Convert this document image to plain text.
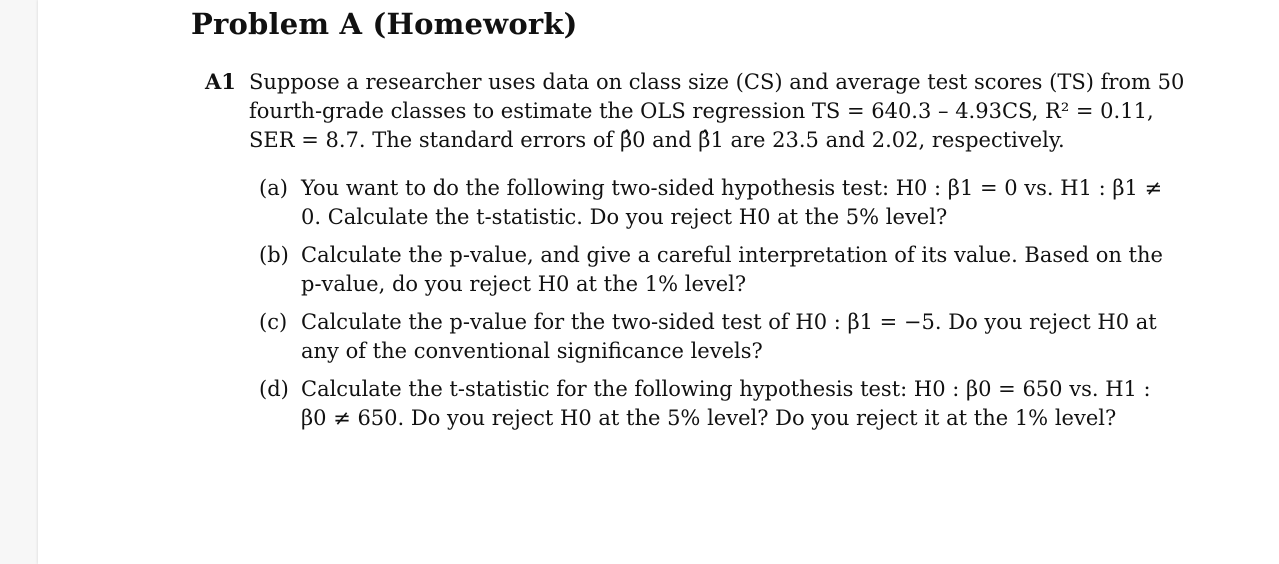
Problem A (Homework)
A1 Suppose a researcher uses data on class size (CS) and average test scores (TS) from 50
fourth-grade classes to estimate the OLS regression TS = 640.3 – 4.93CS, R² = 0.11,
SER = 8.7. The standard errors of β̂0 and β̂1 are 23.5 and 2.02, respectively.
(a) You want to do the following two-sided hypothesis test: H0 : β1 = 0 vs. H1 : β1 ≠
0. Calculate the t-statistic. Do you reject H0 at the 5% level?
(b) Calculate the p-value, and give a careful interpretation of its value. Based on the
p-value, do you reject H0 at the 1% level?
(c) Calculate the p-value for the two-sided test of H0 : β1 = −5. Do you reject H0 at
any of the conventional significance levels?
(d) Calculate the t-statistic for the following hypothesis test: H0 : β0 = 650 vs. H1 :
β0 ≠ 650. Do you reject H0 at the 5% level? Do you reject it at the 1% level?
